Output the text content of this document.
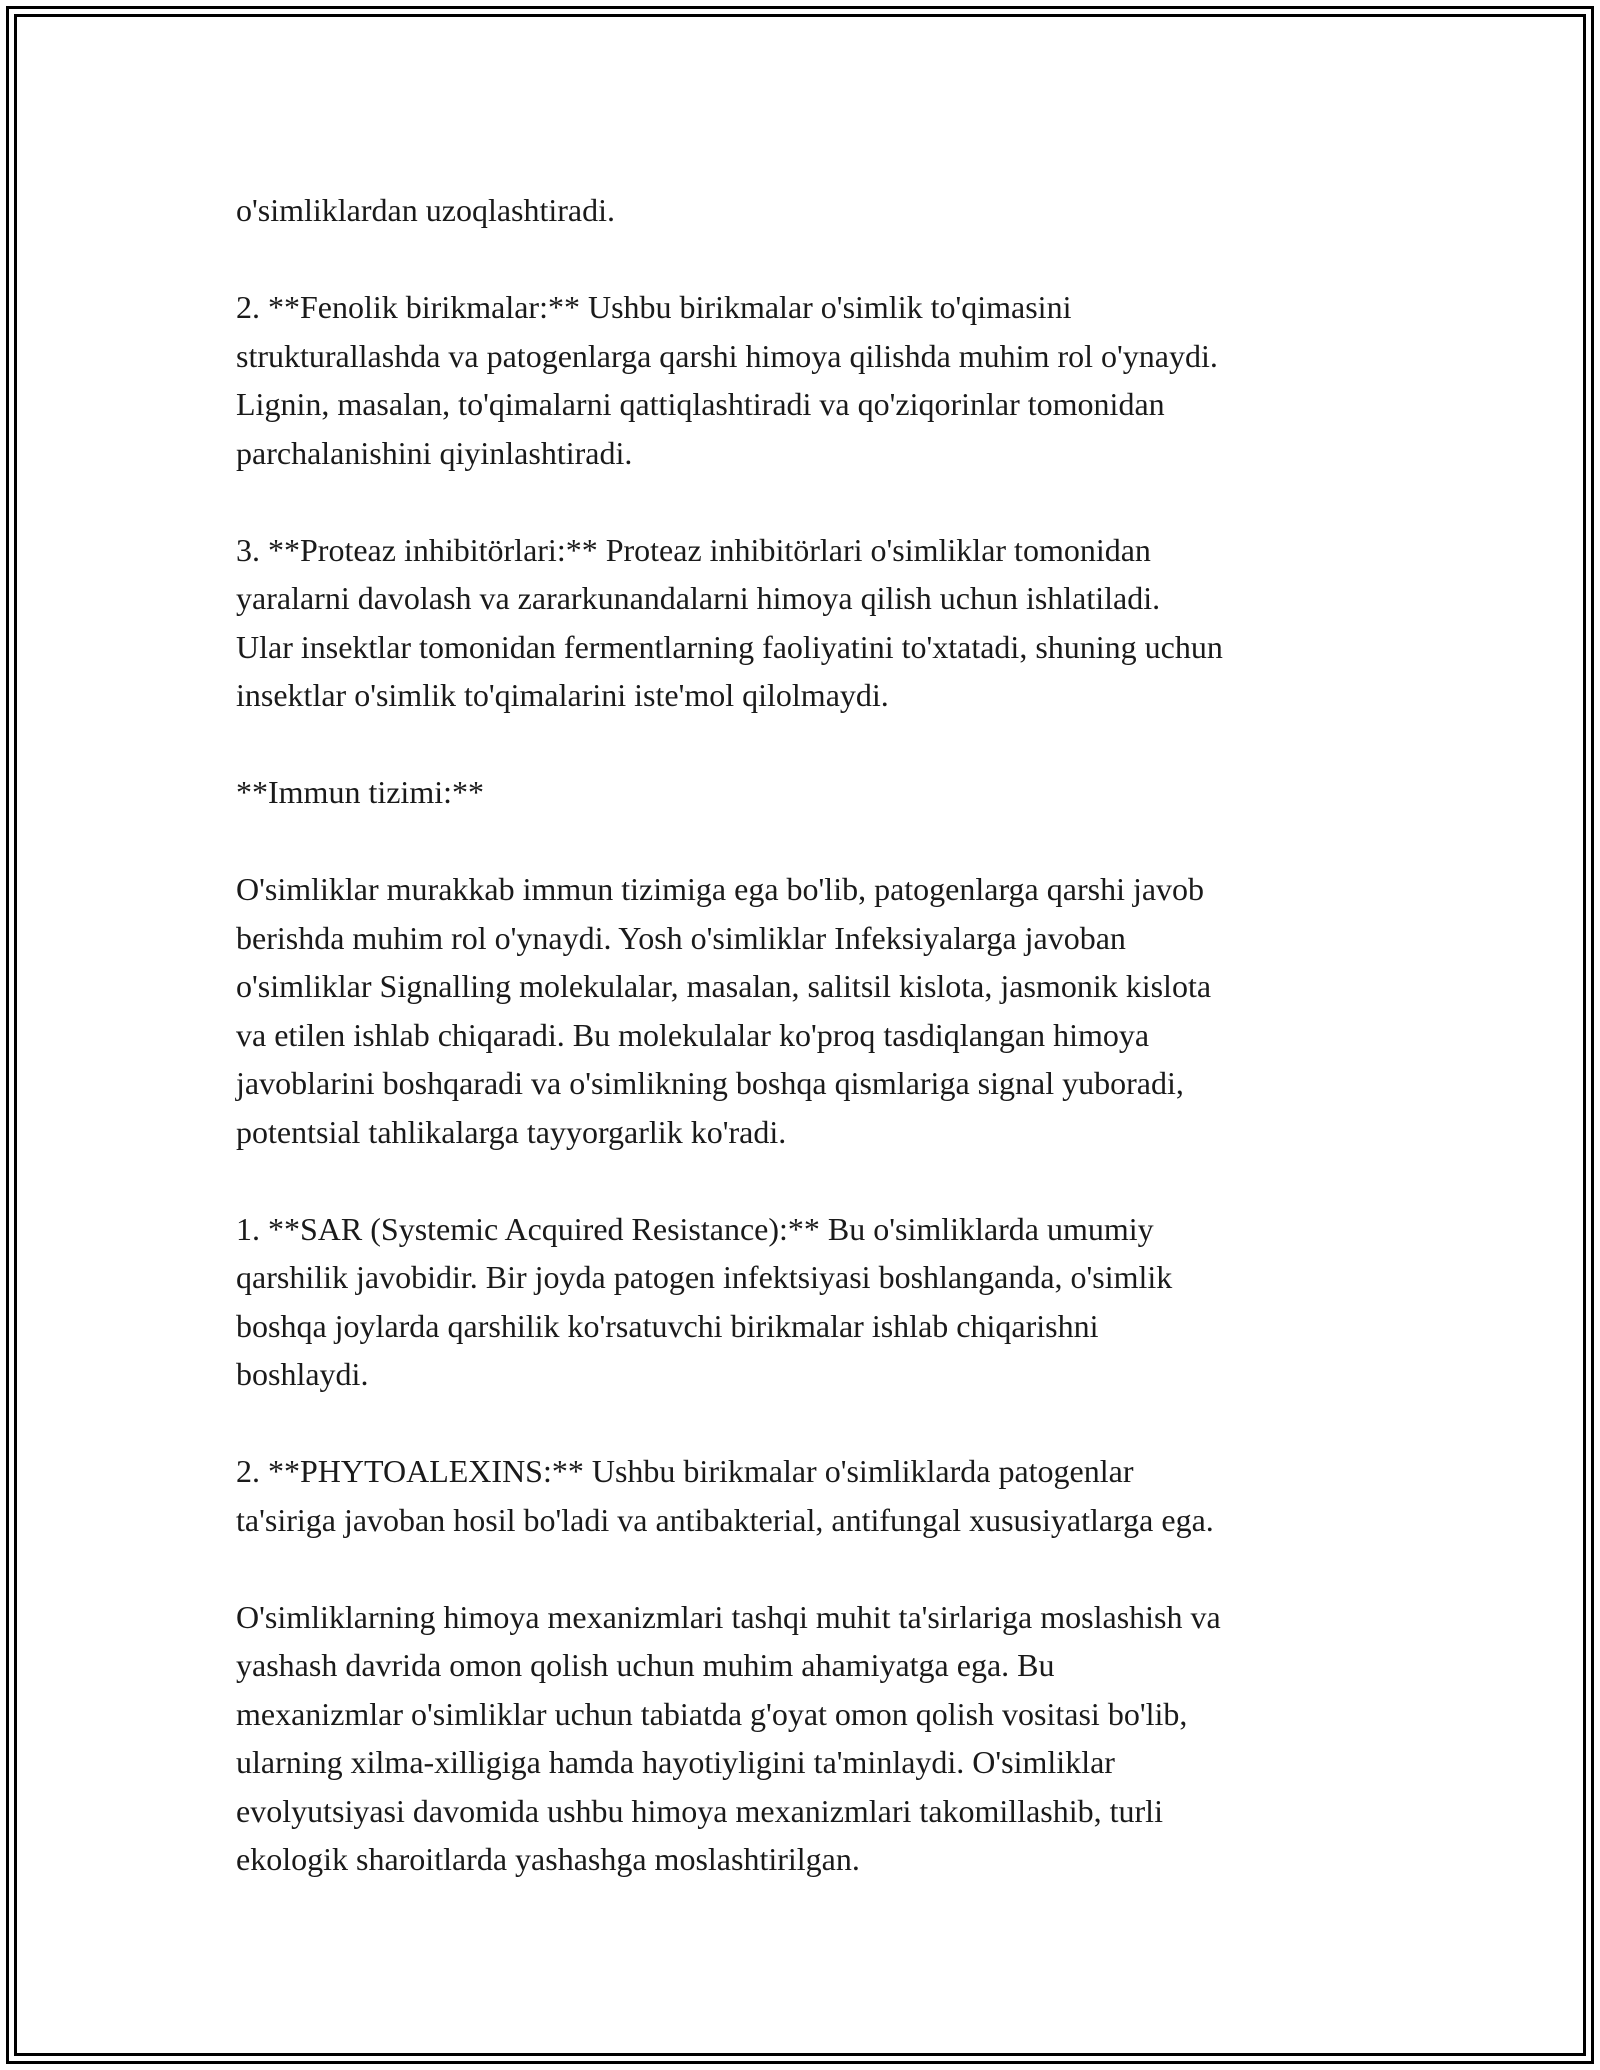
o'simliklardan uzoqlashtiradi.
2. **Fenolik birikmalar:** Ushbu birikmalar o'simlik to'qimasini
strukturallashda va patogenlarga qarshi himoya qilishda muhim rol o'ynaydi.
Lignin, masalan, to'qimalarni qattiqlashtiradi va qo'ziqorinlar tomonidan
parchalanishini qiyinlashtiradi.
3. **Proteaz inhibitörlari:** Proteaz inhibitörlari o'simliklar tomonidan
yaralarni davolash va zararkunandalarni himoya qilish uchun ishlatiladi.
Ular insektlar tomonidan fermentlarning faoliyatini to'xtatadi, shuning uchun
insektlar o'simlik to'qimalarini iste'mol qilolmaydi.
**Immun tizimi:**
O'simliklar murakkab immun tizimiga ega bo'lib, patogenlarga qarshi javob
berishda muhim rol o'ynaydi. Yosh o'simliklar Infeksiyalarga javoban
o'simliklar Signalling molekulalar, masalan, salitsil kislota, jasmonik kislota
va etilen ishlab chiqaradi. Bu molekulalar ko'proq tasdiqlangan himoya
javoblarini boshqaradi va o'simlikning boshqa qismlariga signal yuboradi,
potentsial tahlikalarga tayyorgarlik ko'radi.
1. **SAR (Systemic Acquired Resistance):** Bu o'simliklarda umumiy
qarshilik javobidir. Bir joyda patogen infektsiyasi boshlanganda, o'simlik
boshqa joylarda qarshilik ko'rsatuvchi birikmalar ishlab chiqarishni
boshlaydi.
2. **PHYTOALEXINS:** Ushbu birikmalar o'simliklarda patogenlar
ta'siriga javoban hosil bo'ladi va antibakterial, antifungal xususiyatlarga ega.
O'simliklarning himoya mexanizmlari tashqi muhit ta'sirlariga moslashish va
yashash davrida omon qolish uchun muhim ahamiyatga ega. Bu
mexanizmlar o'simliklar uchun tabiatda g'oyat omon qolish vositasi bo'lib,
ularning xilma-xilligiga hamda hayotiyligini ta'minlaydi. O'simliklar
evolyutsiyasi davomida ushbu himoya mexanizmlari takomillashib, turli
ekologik sharoitlarda yashashga moslashtirilgan.
